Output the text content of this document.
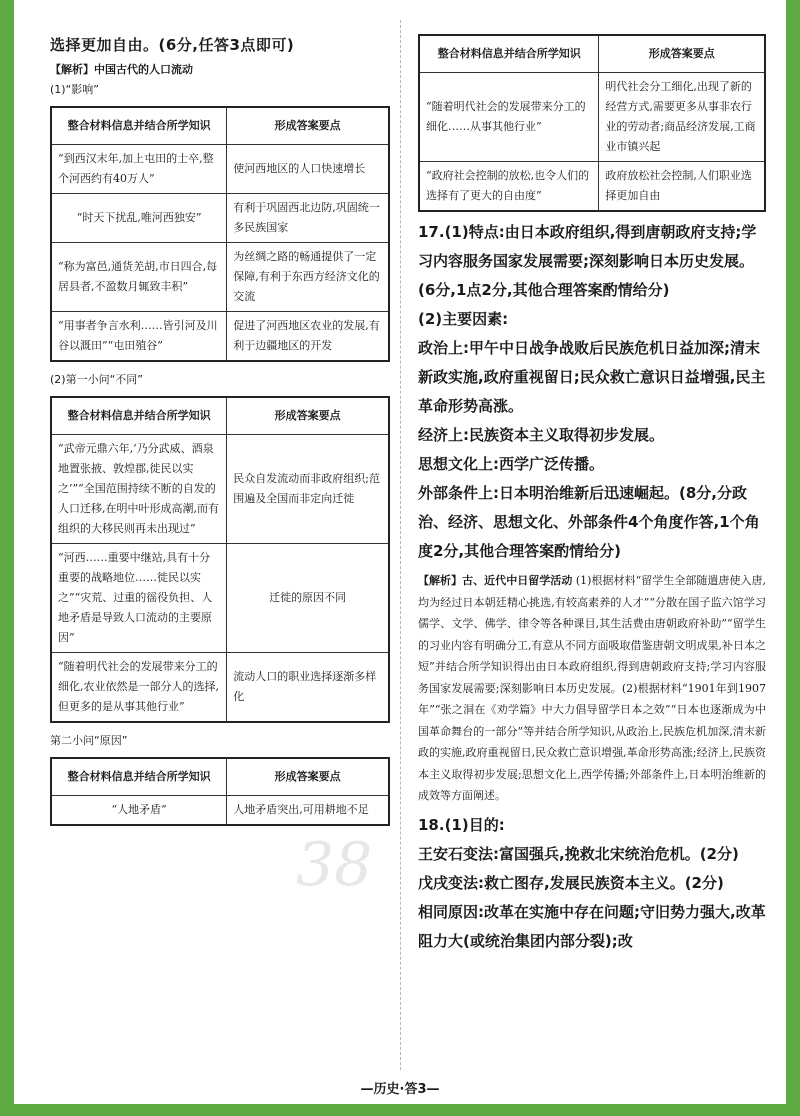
38

选择更加自由。(6分,任答3点即可)

【解析】中国古代的人口流动

(1)“影响”

整合材料信息并结合所学知识	形成答案要点
“到西汉末年,加上屯田的士卒,整个河西约有40万人”	使河西地区的人口快速增长
“时天下扰乱,唯河西独安”	有利于巩固西北边防,巩固统一多民族国家
“称为富邑,通货羌胡,市日四合,每居县者,不盈数月辄致丰积”	为丝绸之路的畅通提供了一定保障,有利于东西方经济文化的交流
“用事者争言水利……皆引河及川谷以溉田”“屯田殖谷”	促进了河西地区农业的发展,有利于边疆地区的开发

(2)第一小问“不同”

整合材料信息并结合所学知识	形成答案要点
“武帝元鼎六年,‘乃分武威、酒泉地置张掖、敦煌郡,徙民以实之’”“全国范围持续不断的自发的人口迁移,在明中叶形成高潮,而有组织的大移民则再未出现过”	民众自发流动而非政府组织;范围遍及全国而非定向迁徙
“河西……重要中继站,具有十分重要的战略地位……徙民以实之”“灾荒、过重的徭役负担、人地矛盾是导致人口流动的主要原因”	迁徙的原因不同
“随着明代社会的发展带来分工的细化,农业依然是一部分人的选择,但更多的是从事其他行业”	流动人口的职业选择逐渐多样化

第二小问“原因”

整合材料信息并结合所学知识	形成答案要点
“人地矛盾”	人地矛盾突出,可用耕地不足
整合材料信息并结合所学知识	形成答案要点
“随着明代社会的发展带来分工的细化……从事其他行业”	明代社会分工细化,出现了新的经营方式,需要更多从事非农行业的劳动者;商品经济发展,工商业市镇兴起
“政府社会控制的放松,也令人们的选择有了更大的自由度”	政府放松社会控制,人们职业选择更加自由

17.(1)特点:由日本政府组织,得到唐朝政府支持;学习内容服务国家发展需要;深刻影响日本历史发展。(6分,1点2分,其他合理答案酌情给分)

(2)主要因素:

政治上:甲午中日战争战败后民族危机日益加深;清末新政实施,政府重视留日;民众救亡意识日益增强,民主革命形势高涨。

经济上:民族资本主义取得初步发展。

思想文化上:西学广泛传播。

外部条件上:日本明治维新后迅速崛起。(8分,分政治、经济、思想文化、外部条件4个角度作答,1个角度2分,其他合理答案酌情给分)

【解析】古、近代中日留学活动 (1)根据材料“留学生全部随遣唐使入唐,均为经过日本朝廷精心挑选,有较高素养的人才”“分散在国子监六馆学习儒学、文学、佛学、律令等各种课目,其生活费由唐朝政府补助”“留学生的习业内容有明确分工,有意从不同方面吸取借鉴唐朝文明成果,补日本之短”并结合所学知识得出由日本政府组织,得到唐朝政府支持;学习内容服务国家发展需要;深刻影响日本历史发展。(2)根据材料“1901年到1907年”“张之洞在《劝学篇》中大力倡导留学日本之效”“日本也逐渐成为中国革命舞台的一部分”等并结合所学知识,从政治上,民族危机加深,清末新政的实施,政府重视留日,民众救亡意识增强,革命形势高涨;经济上,民族资本主义取得初步发展;思想文化上,西学传播;外部条件上,日本明治维新的成效等方面阐述。

18.(1)目的:

王安石变法:富国强兵,挽救北宋统治危机。(2分)

戊戌变法:救亡图存,发展民族资本主义。(2分)

相同原因:改革在实施中存在问题;守旧势力强大,改革阻力大(或统治集团内部分裂);改

—历史·答3—
